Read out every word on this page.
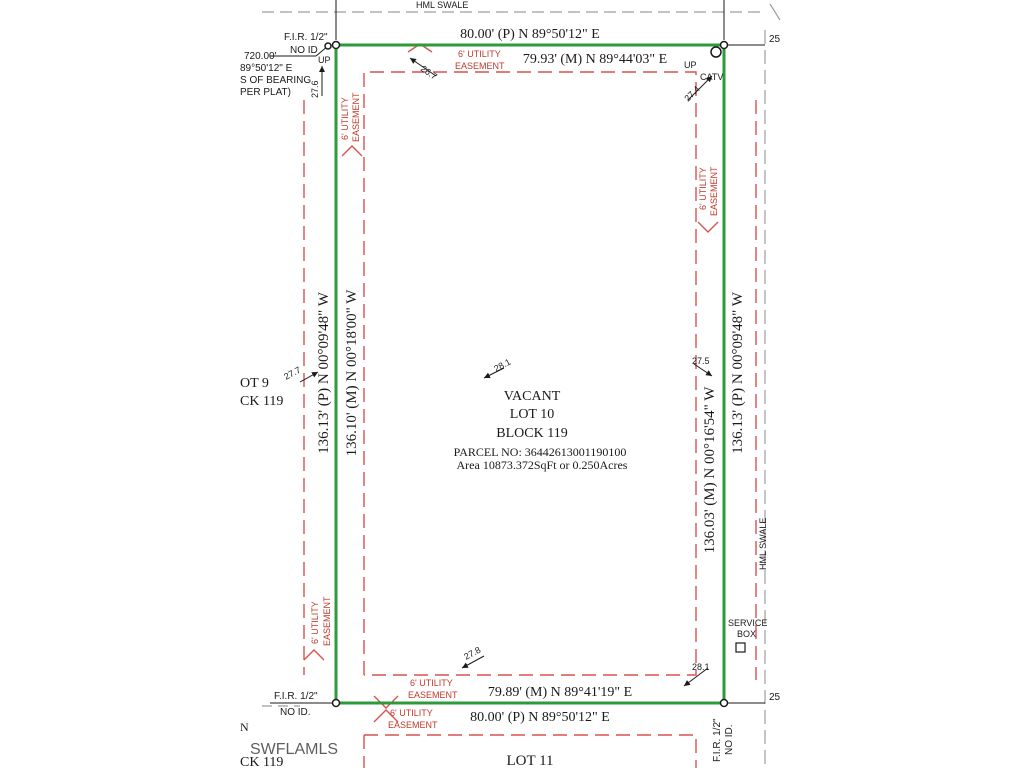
HML SWALE
HML SWALE
80.00' (P) N 89°50'12" E
79.93' (M) N 89°44'03" E
79.89' (M) N 89°41'19" E
80.00' (P) N 89°50'12" E
136.13' (P) N 00°09'48" W 136.10' (M) N 00°18'00" W
136.03' (M) N 00°16'54" W
136.13' (P) N 00°09'48" W
F.I.R. 1/2"
NO ID
UP
720.00'
89°50'12" E
S OF BEARING
PER PLAT)
UP
CATV
25
25
F.I.R. 1/2"
NO ID.
F.I.R. 1/2" NO ID.
SERVICE
BOX
OT 9
CK 119
LOT 11
CK 119
N
SWFLAMLS
6' UTILITY
EASEMENT
6' UTILITY EASEMENT
6' UTILITY EASEMENT
6' UTILITY EASEMENT
6' UTILITY
EASEMENT
6' UTILITY
EASEMENT
26.7
27.4
27.6
27.7	28.1	27.5
27.8
28.1
VACANT
LOT 10
BLOCK 119
PARCEL NO: 36442613001190100
Area 10873.372SqFt or 0.250Acres
